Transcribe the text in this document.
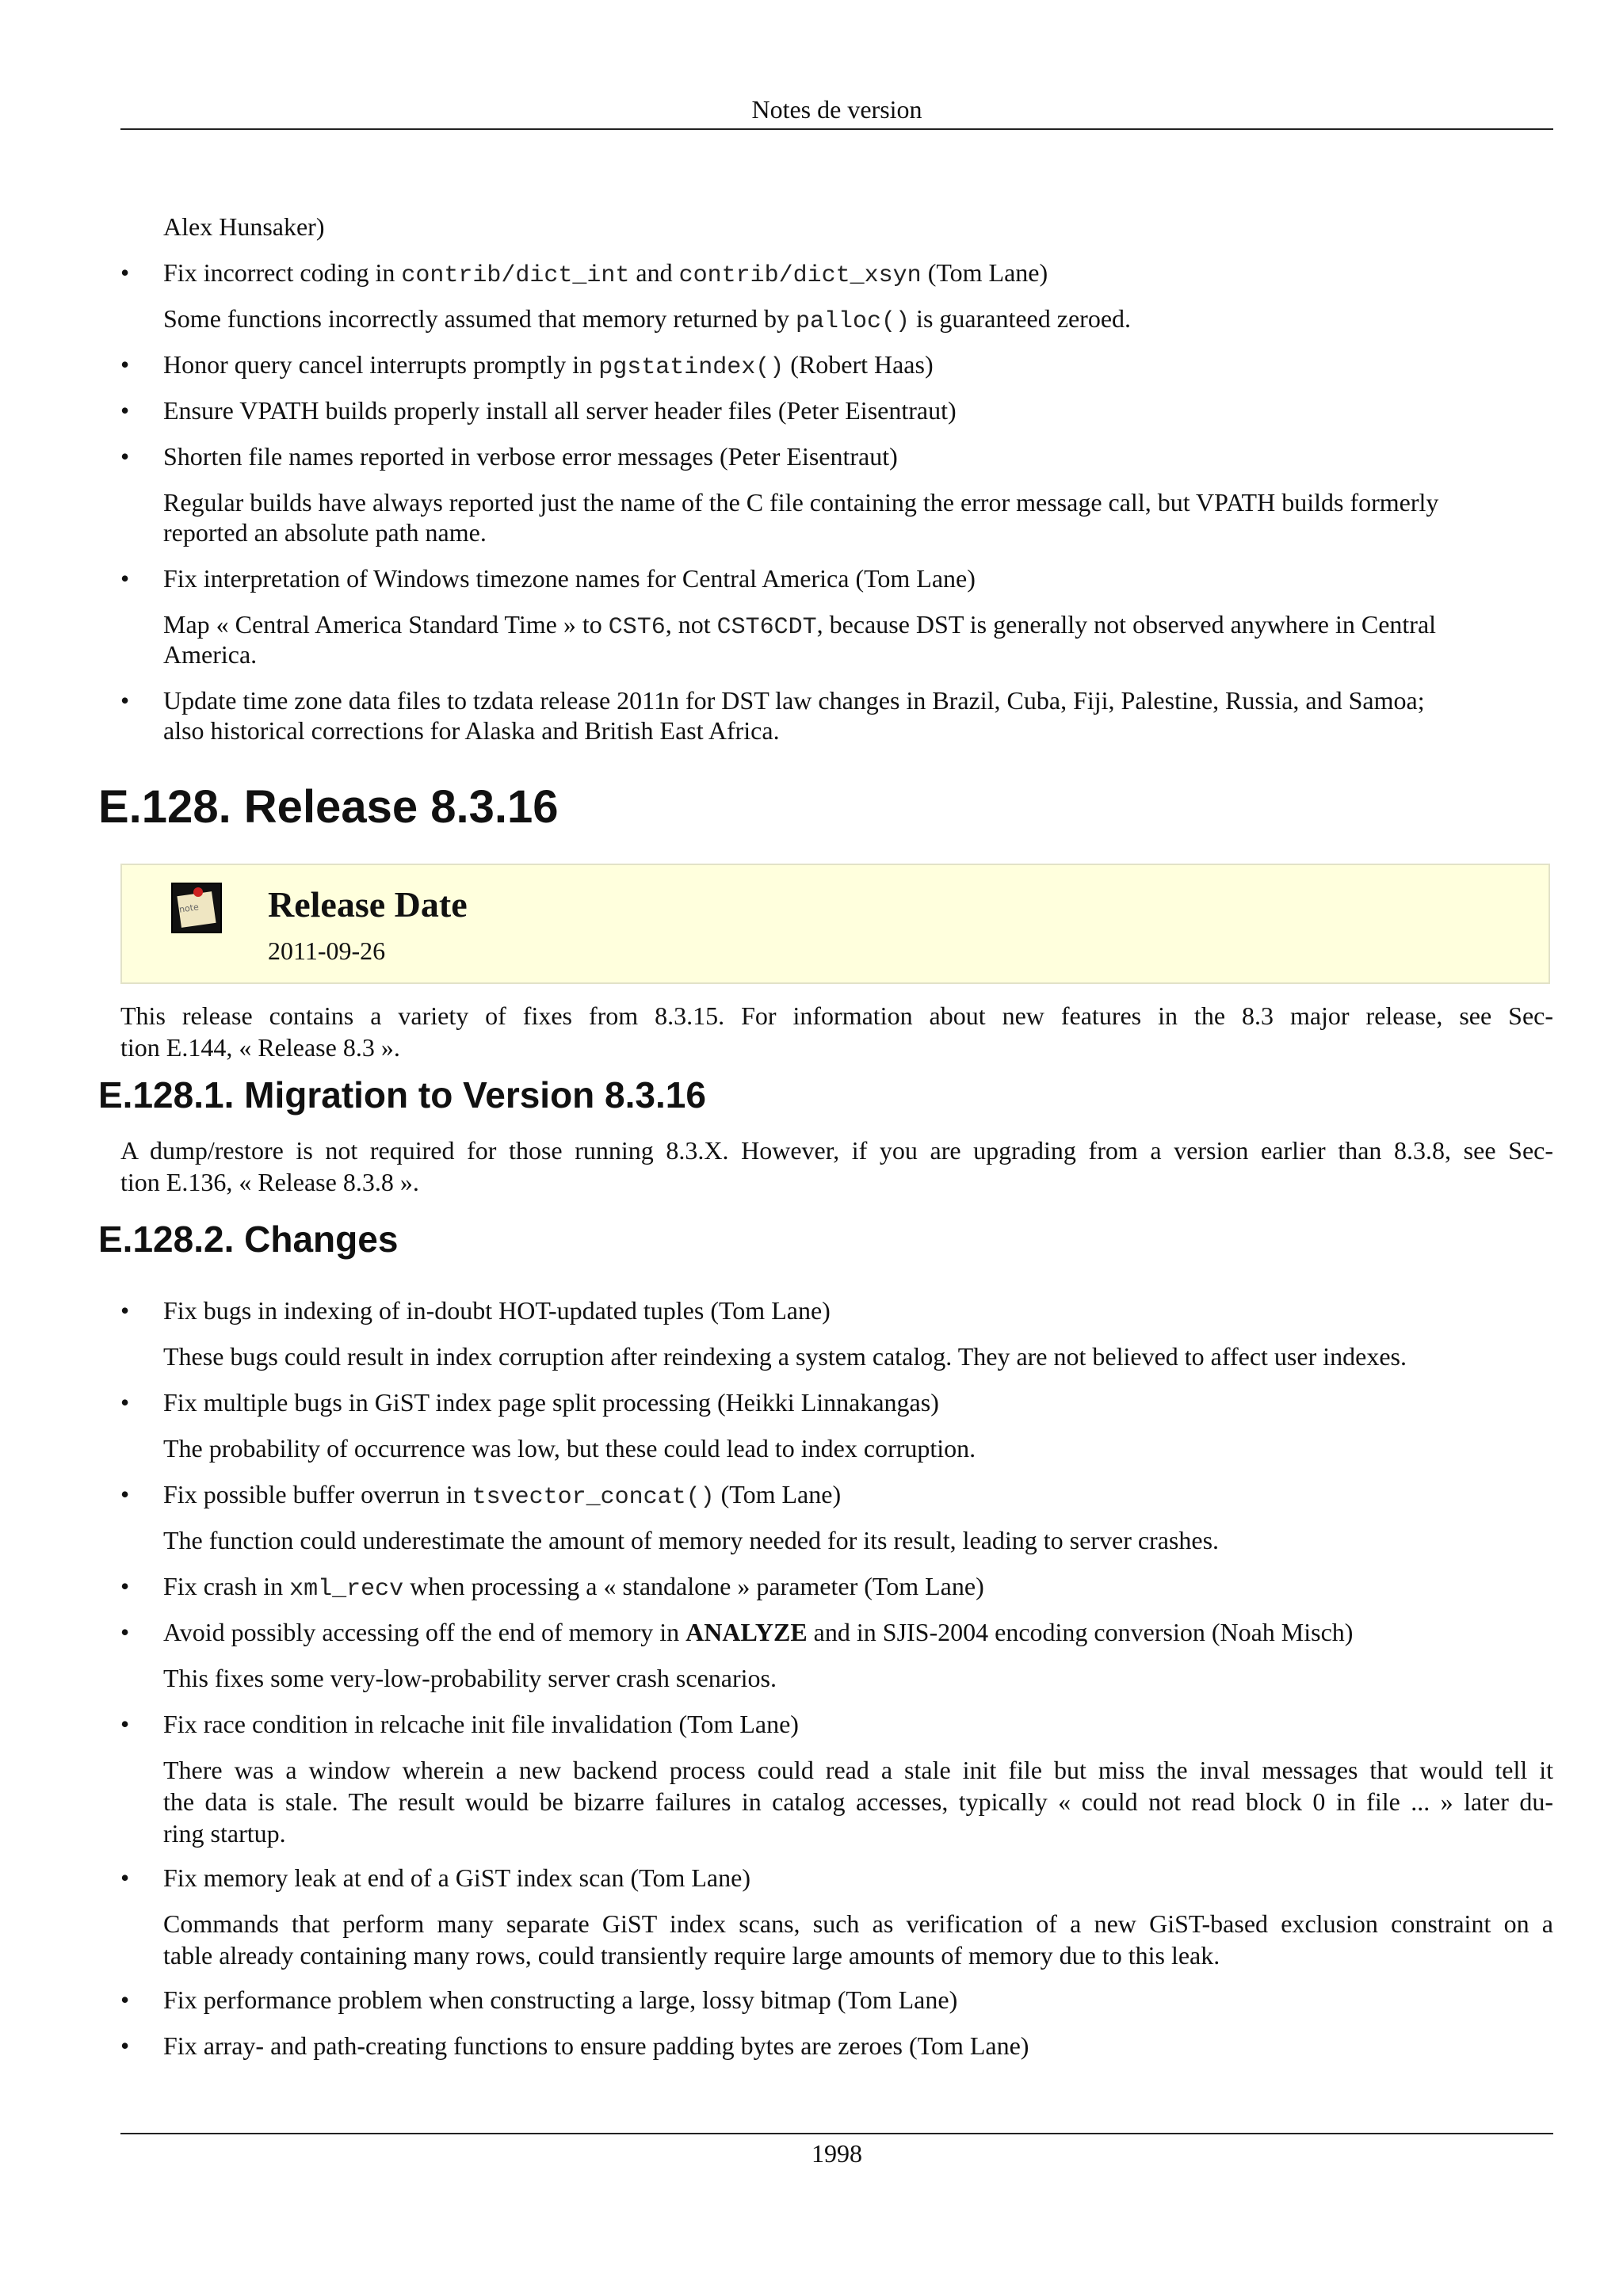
Notes de version
Alex Hunsaker)
•	Fix incorrect coding in contrib/dict_int and contrib/dict_xsyn (Tom Lane)
Some functions incorrectly assumed that memory returned by palloc() is guaranteed zeroed.
•	Honor query cancel interrupts promptly in pgstatindex() (Robert Haas)
•	Ensure VPATH builds properly install all server header files (Peter Eisentraut)
•	Shorten file names reported in verbose error messages (Peter Eisentraut)
Regular builds have always reported just the name of the C file containing the error message call, but VPATH builds formerly
reported an absolute path name.
•	Fix interpretation of Windows timezone names for Central America (Tom Lane)
Map « Central America Standard Time » to CST6, not CST6CDT, because DST is generally not observed anywhere in Central
America.
•	Update time zone data files to tzdata release 2011n for DST law changes in Brazil, Cuba, Fiji, Palestine, Russia, and Samoa;
also historical corrections for Alaska and British East Africa.
E.128. Release 8.3.16
note Release Date
2011-09-26
This release contains a variety of fixes from 8.3.15. For information about new features in the 8.3 major release, see Sec-
tion E.144, « Release 8.3 ».
E.128.1. Migration to Version 8.3.16
A dump/restore is not required for those running 8.3.X. However, if you are upgrading from a version earlier than 8.3.8, see Sec-
tion E.136, « Release 8.3.8 ».
E.128.2. Changes
•	Fix bugs in indexing of in-doubt HOT-updated tuples (Tom Lane)
These bugs could result in index corruption after reindexing a system catalog. They are not believed to affect user indexes.
•	Fix multiple bugs in GiST index page split processing (Heikki Linnakangas)
The probability of occurrence was low, but these could lead to index corruption.
•	Fix possible buffer overrun in tsvector_concat() (Tom Lane)
The function could underestimate the amount of memory needed for its result, leading to server crashes.
•	Fix crash in xml_recv when processing a « standalone » parameter (Tom Lane)
•	Avoid possibly accessing off the end of memory in ANALYZE and in SJIS-2004 encoding conversion (Noah Misch)
This fixes some very-low-probability server crash scenarios.
•	Fix race condition in relcache init file invalidation (Tom Lane)
There was a window wherein a new backend process could read a stale init file but miss the inval messages that would tell it
the data is stale. The result would be bizarre failures in catalog accesses, typically « could not read block 0 in file ... » later du-
ring startup.
•	Fix memory leak at end of a GiST index scan (Tom Lane)
Commands that perform many separate GiST index scans, such as verification of a new GiST-based exclusion constraint on a
table already containing many rows, could transiently require large amounts of memory due to this leak.
•	Fix performance problem when constructing a large, lossy bitmap (Tom Lane)
•	Fix array- and path-creating functions to ensure padding bytes are zeroes (Tom Lane)
1998
